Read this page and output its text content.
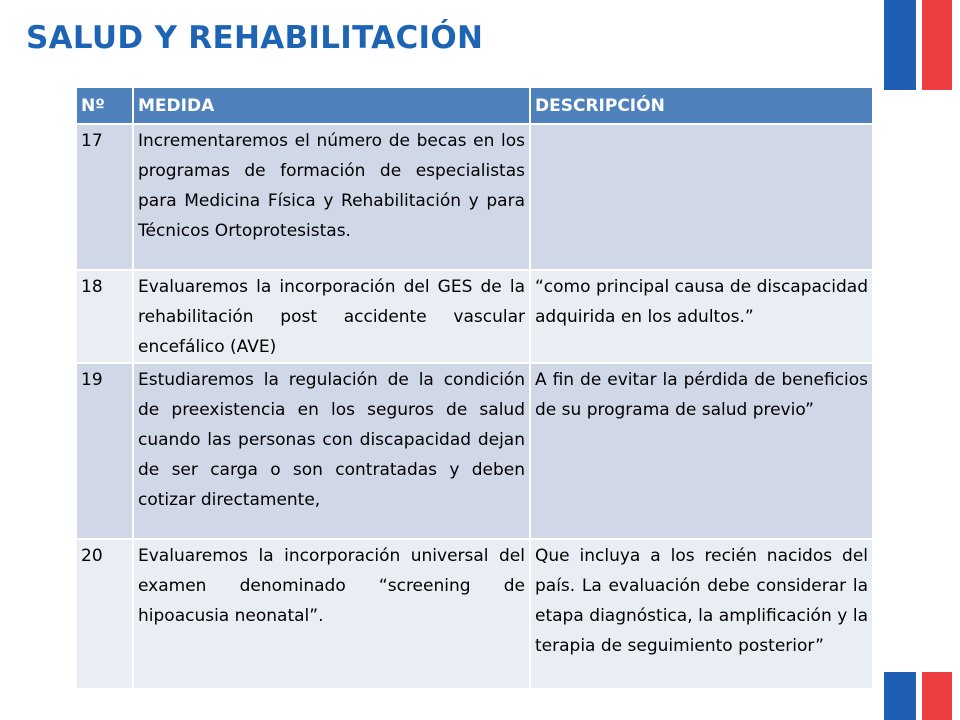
SALUD Y REHABILITACIÓN
Nº	MEDIDA	DESCRIPCIÓN
17	Incrementaremos el número de becas en los programas de formación de especialistas para Medicina Física y Rehabilitación y para Técnicos Ortoprotesistas.	
18	Evaluaremos la incorporación del GES de la rehabilitación post accidente vascular encefálico (AVE)	“como principal causa de discapacidad adquirida en los adultos.”
19	Estudiaremos la regulación de la condición de preexistencia en los seguros de salud cuando las personas con discapacidad dejan de ser carga o son contratadas y deben cotizar directamente,	A fin de evitar la pérdida de beneficios de su programa de salud previo”
20	Evaluaremos la incorporación universal del examen denominado “screening de hipoacusia neonatal”.	Que incluya a los recién nacidos del país. La evaluación debe considerar la etapa diagnóstica, la amplificación y la terapia de seguimiento posterior”
